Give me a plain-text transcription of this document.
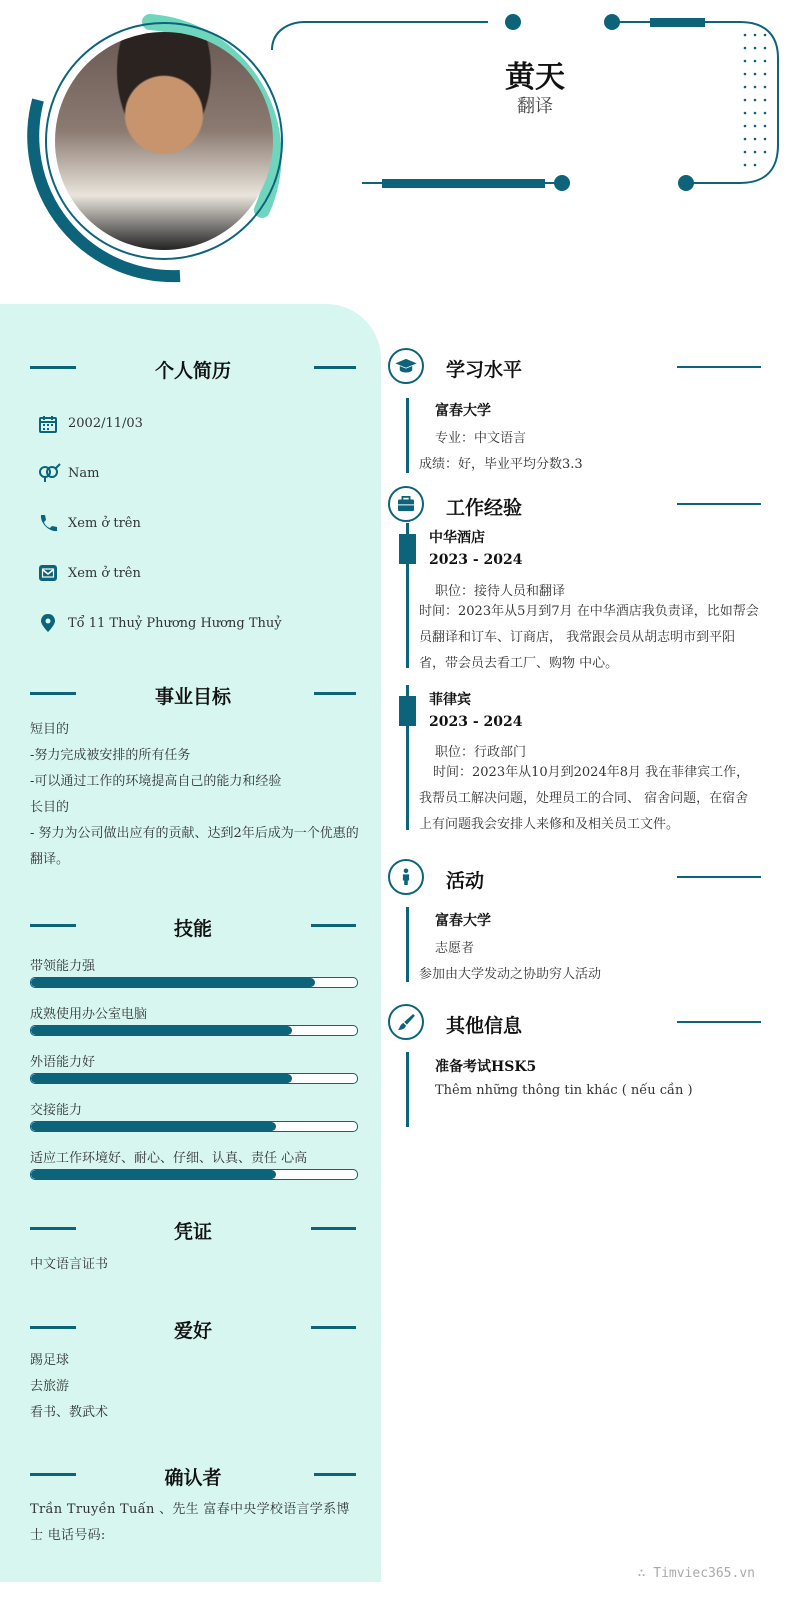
黄天
翻译
个人简历
2002/11/03
Nam
Xem ở trên
Xem ở trên
Tổ 11 Thuỷ Phương Hương Thuỷ
事业目标
短目的
-努力完成被安排的所有任务
-可以通过工作的环境提高自己的能力和经验
长目的
- 努力为公司做出应有的贡献、达到2年后成为一个优惠的翻译。
技能
带领能力强
成熟使用办公室电脑
外语能力好
交接能力
适应工作环境好、耐心、仔细、认真、责任 心高
凭证
中文语言证书
爱好
踢足球
去旅游
看书、教武术
确认者
Trần Truyền Tuấn 、先生 富春中央学校语言学系博士 电话号码:
学习水平
富春大学
专业：中文语言
成绩：好，毕业平均分数3.3
工作经验
中华酒店
2023 - 2024
职位：接待人员和翻译
时间：2023年从5月到7月 在中华酒店我负责译，比如帮会员翻译和订车、订商店， 我常跟会员从胡志明市到平阳省，带会员去看工厂、购物 中心。
菲律宾
2023 - 2024
职位：行政部门
时间：2023年从10月到2024年8月 我在菲律宾工作，我帮员工解决问题，处理员工的合同、 宿舍问题，在宿舍上有问题我会安排人来修和及相关员工文件。
活动
富春大学
志愿者
参加由大学发动之协助穷人活动
其他信息
准备考试HSK5
Thêm những thông tin khác ( nếu cần )
∴ Timviec365.vn
